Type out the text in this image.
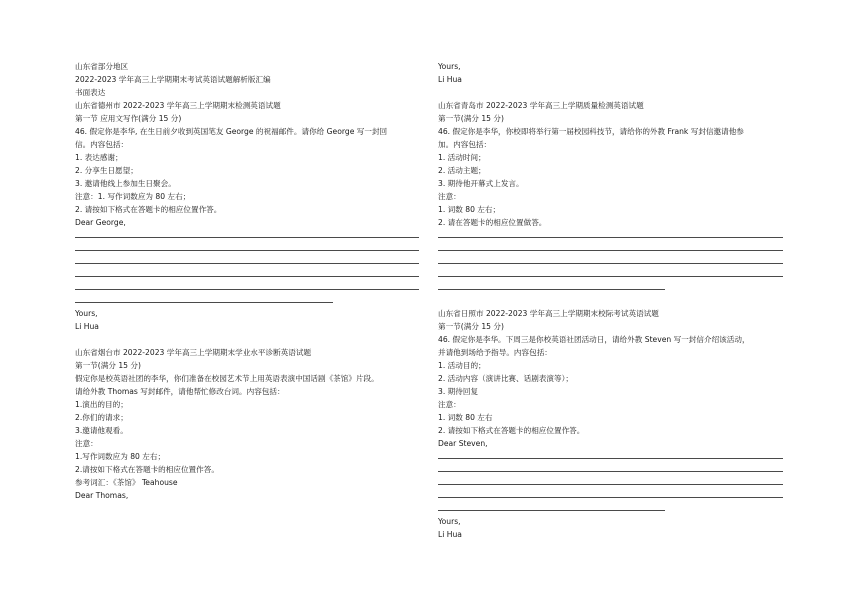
山东省部分地区
2022-2023 学年高三上学期期末考试英语试题解析版汇编
书面表达
山东省德州市 2022-2023 学年高三上学期期末检测英语试题
第一节 应用文写作(满分 15 分)
46. 假定你是李华, 在生日前夕收到英国笔友 George 的祝福邮件。请你给 George 写一封回
信。内容包括：
1. 表达感谢；
2. 分享生日愿望；
3. 邀请他线上参加生日聚会。
注意：1. 写作词数应为 80 左右；
2. 请按如下格式在答题卡的相应位置作答。
Dear George,
Yours,
Li Hua
山东省烟台市 2022-2023 学年高三上学期期末学业水平诊断英语试题
第一节(满分 15 分)
假定你是校英语社团的李华，你们准备在校园艺术节上用英语表演中国话剧《茶馆》片段。
请给外教 Thomas 写封邮件，请他帮忙修改台词。内容包括：
1.演出的目的；
2.你们的请求；
3.邀请他观看。
注意：
1.写作词数应为 80 左右；
2.请按如下格式在答题卡的相应位置作答。
参考词汇：《茶馆》 Teahouse
Dear Thomas,
Yours,
Li Hua
山东省青岛市 2022-2023 学年高三上学期质量检测英语试题
第一节(满分 15 分)
46. 假定你是李华，你校即将举行第一届校园科技节，请给你的外教 Frank 写封信邀请他参
加。内容包括：
1. 活动时间；
2. 活动主题；
3. 期待他开幕式上发言。
注意：
1. 词数 80 左右；
2. 请在答题卡的相应位置做答。
山东省日照市 2022-2023 学年高三上学期期末校际考试英语试题
第一节(满分 15 分)
46. 假定你是李华。下周三是你校英语社团活动日，请给外教 Steven 写一封信介绍该活动，
并请他到场给予指导。内容包括：
1. 活动目的；
2. 活动内容（演讲比赛、话剧表演等）；
3. 期待回复
注意：
1. 词数 80 左右
2. 请按如下格式在答题卡的相应位置作答。
Dear Steven,
Yours,
Li Hua
